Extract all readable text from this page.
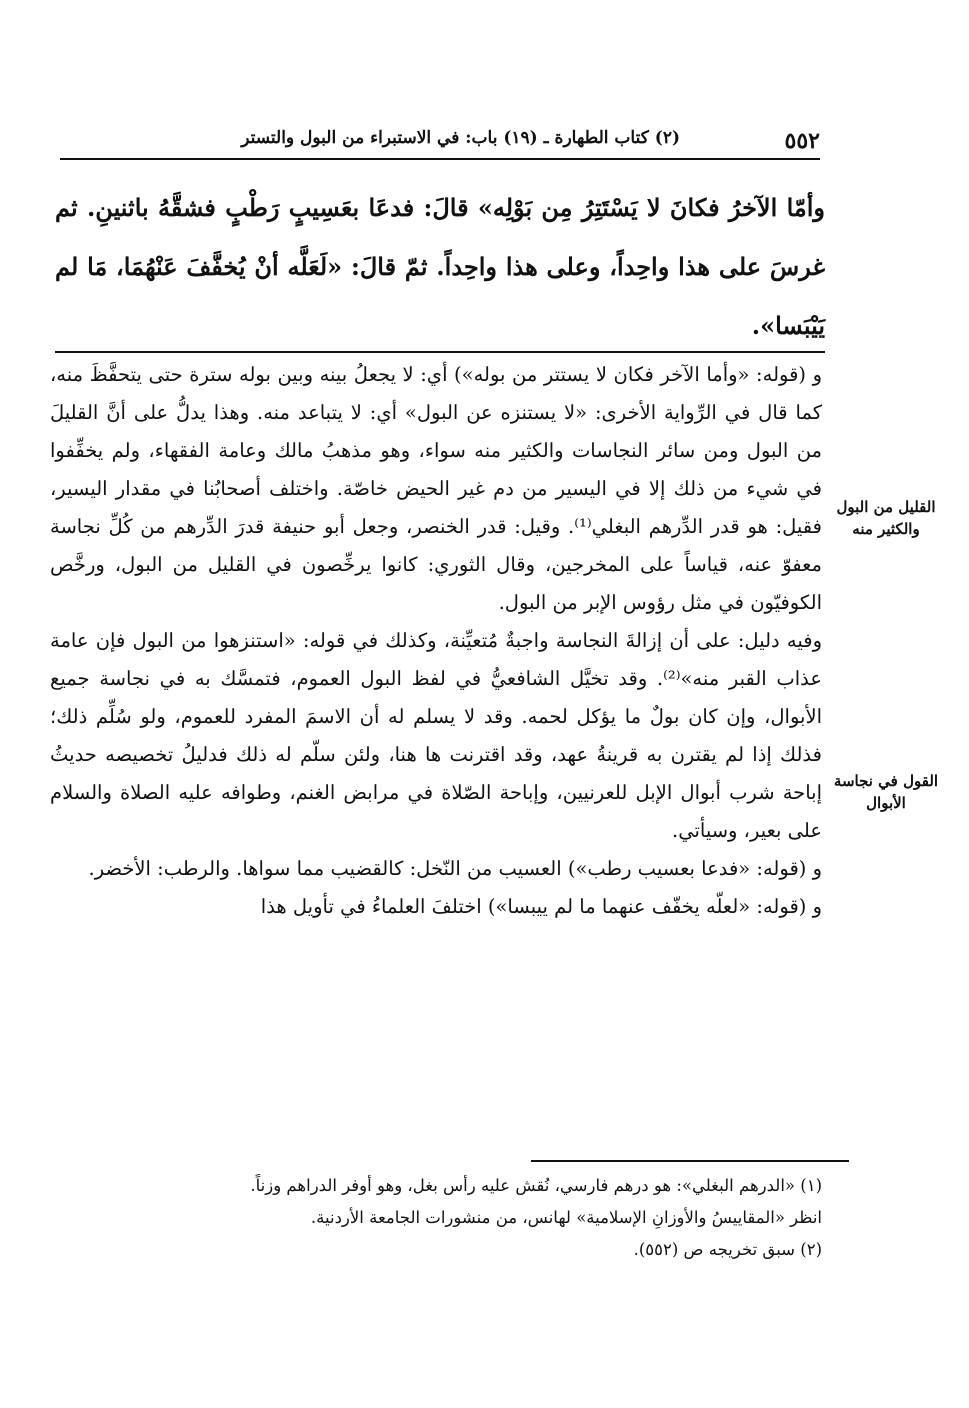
٥٥٢
(٢) كتاب الطهارة ـ (١٩) باب: في الاستبراء من البول والتستر
وأمّا الآخرُ فكانَ لا يَسْتَتِرُ مِن بَوْلِه» قالَ: فدعَا بعَسِيبٍ رَطْبٍ فشقَّهُ باثنينِ. ثم غرسَ على هذا واحِداً، وعلى هذا واحِداً. ثمّ قالَ: «لَعَلَّه أنْ يُخفَّفَ عَنْهُمَا، مَا لم يَيْبَسا».

و (قوله: «وأما الآخر فكان لا يستتر من بوله») أي: لا يجعلُ بينه وبين بوله سترة حتى يتحفَّظَ منه، كما قال في الرِّواية الأخرى: «لا يستنزه عن البول» أي: لا يتباعد منه. وهذا يدلُّ على أنَّ القليلَ من البول ومن سائر النجاسات والكثير منه سواء، وهو مذهبُ مالك وعامة الفقهاء، ولم يخفِّفوا في شيء من ذلك إلا في اليسير من دم غير الحيض خاصّة. واختلف أصحابُنا في مقدار اليسير، فقيل: هو قدر الدِّرهم البغلي⁽¹⁾. وقيل: قدر الخنصر، وجعل أبو حنيفة قدرَ الدِّرهم من كُلِّ نجاسة معفوّ عنه، قياساً على المخرجين، وقال الثوري: كانوا يرخِّصون في القليل من البول، ورخَّص الكوفيّون في مثل رؤوس الإبر من البول.

وفيه دليل: على أن إزالةَ النجاسة واجبةٌ مُتعيِّنة، وكذلك في قوله: «استنزهوا من البول فإن عامة عذاب القبر منه»⁽²⁾. وقد تخيَّل الشافعيُّ في لفظ البول العموم، فتمسَّك به في نجاسة جميع الأبوال، وإن كان بولٌ ما يؤكل لحمه. وقد لا يسلم له أن الاسمَ المفرد للعموم، ولو سُلِّم ذلك؛ فذلك إذا لم يقترن به قرينةُ عهد، وقد اقترنت ها هنا، ولئن سلّم له ذلك فدليلُ تخصيصه حديثُ إباحة شرب أبوال الإبل للعرنيين، وإباحة الصّلاة في مرابض الغنم، وطوافه عليه الصلاة والسلام على بعير، وسيأتي.

و (قوله: «فدعا بعسيب رطب») العسيب من النّخل: كالقضيب مما سواها. والرطب: الأخضر.

و (قوله: «لعلّه يخفّف عنهما ما لم ييبسا») اختلفَ العلماءُ في تأويل هذا

القليل من البول والكثير منه
القول في نجاسة الأبوال
(١) «الدرهم البغلي»: هو درهم فارسي، نُقش عليه رأس بغل، وهو أوفر الدراهم وزناً.
انظر «المقاييسُ والأوزانِ الإسلامية» لهانس، من منشورات الجامعة الأردنية.
(٢) سبق تخريجه ص (٥٥٢).
